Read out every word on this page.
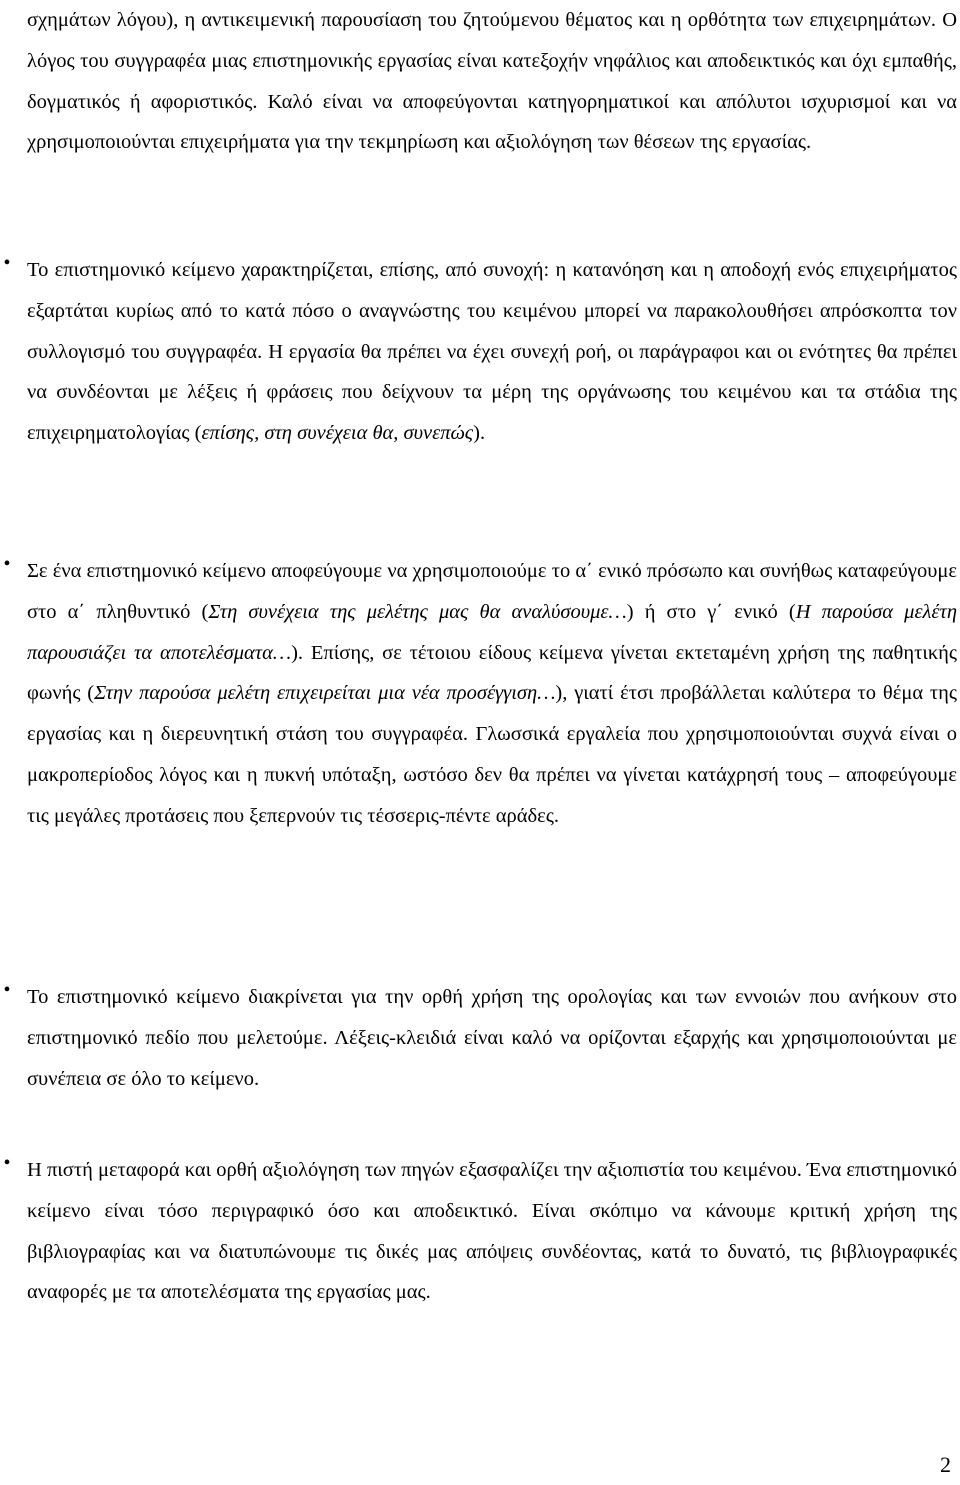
σχημάτων λόγου), η αντικειμενική παρουσίαση του ζητούμενου θέματος και η ορθότητα των επιχειρημάτων. Ο λόγος του συγγραφέα μιας επιστημονικής εργασίας είναι κατεξοχήν νηφάλιος και αποδεικτικός και όχι εμπαθής, δογματικός ή αφοριστικός. Καλό είναι να αποφεύγονται κατηγορηματικοί και απόλυτοι ισχυρισμοί και να χρησιμοποιούνται επιχειρήματα για την τεκμηρίωση και αξιολόγηση των θέσεων της εργασίας.
• Το επιστημονικό κείμενο χαρακτηρίζεται, επίσης, από συνοχή: η κατανόηση και η αποδοχή ενός επιχειρήματος εξαρτάται κυρίως από το κατά πόσο ο αναγνώστης του κειμένου μπορεί να παρακολουθήσει απρόσκοπτα τον συλλογισμό του συγγραφέα. Η εργασία θα πρέπει να έχει συνεχή ροή, οι παράγραφοι και οι ενότητες θα πρέπει να συνδέονται με λέξεις ή φράσεις που δείχνουν τα μέρη της οργάνωσης του κειμένου και τα στάδια της επιχειρηματολογίας (επίσης, στη συνέχεια θα, συνεπώς).
• Σε ένα επιστημονικό κείμενο αποφεύγουμε να χρησιμοποιούμε το α΄ ενικό πρόσωπο και συνήθως καταφεύγουμε στο α΄ πληθυντικό (Στη συνέχεια της μελέτης μας θα αναλύσουμε…) ή στο γ΄ ενικό (Η παρούσα μελέτη παρουσιάζει τα αποτελέσματα…). Επίσης, σε τέτοιου είδους κείμενα γίνεται εκτεταμένη χρήση της παθητικής φωνής (Στην παρούσα μελέτη επιχειρείται μια νέα προσέγγιση…), γιατί έτσι προβάλλεται καλύτερα το θέμα της εργασίας και η διερευνητική στάση του συγγραφέα. Γλωσσικά εργαλεία που χρησιμοποιούνται συχνά είναι ο μακροπερίοδος λόγος και η πυκνή υπόταξη, ωστόσο δεν θα πρέπει να γίνεται κατάχρησή τους – αποφεύγουμε τις μεγάλες προτάσεις που ξεπερνούν τις τέσσερις-πέντε αράδες.
• Το επιστημονικό κείμενο διακρίνεται για την ορθή χρήση της ορολογίας και των εννοιών που ανήκουν στο επιστημονικό πεδίο που μελετούμε. Λέξεις-κλειδιά είναι καλό να ορίζονται εξαρχής και χρησιμοποιούνται με συνέπεια σε όλο το κείμενο.
• Η πιστή μεταφορά και ορθή αξιολόγηση των πηγών εξασφαλίζει την αξιοπιστία του κειμένου. Ένα επιστημονικό κείμενο είναι τόσο περιγραφικό όσο και αποδεικτικό. Είναι σκόπιμο να κάνουμε κριτική χρήση της βιβλιογραφίας και να διατυπώνουμε τις δικές μας απόψεις συνδέοντας, κατά το δυνατό, τις βιβλιογραφικές αναφορές με τα αποτελέσματα της εργασίας μας.
2
